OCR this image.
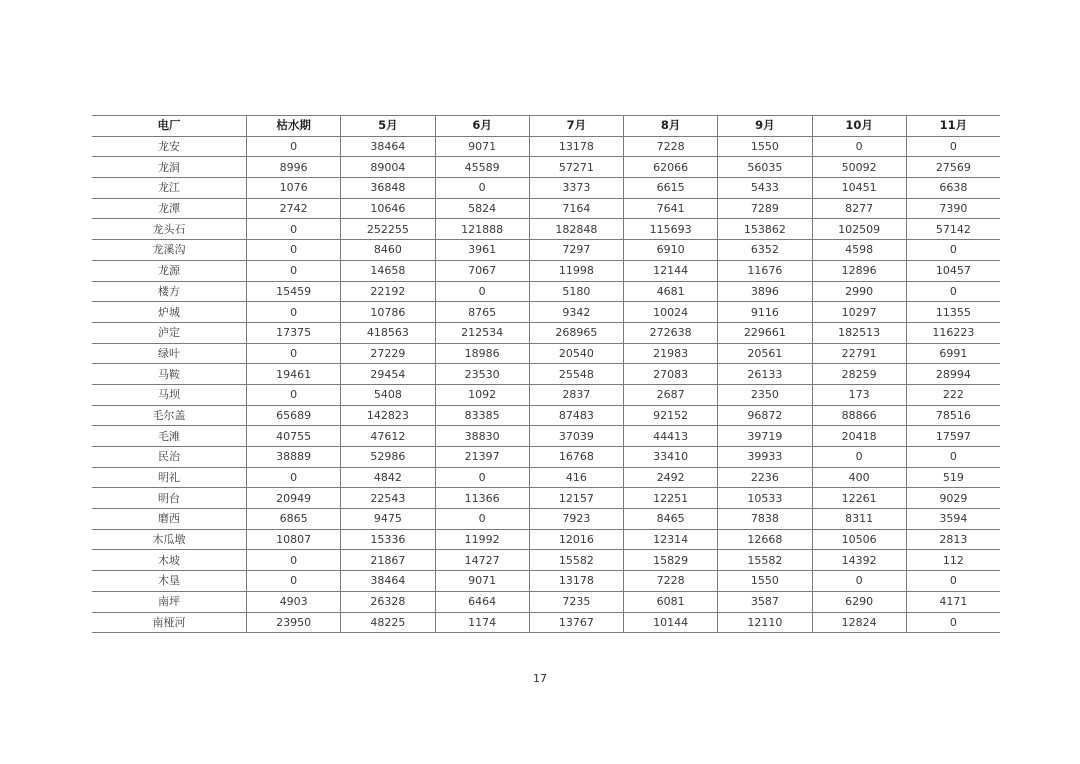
电厂	枯水期	5月	6月	7月	8月	9月	10月	11月
龙安	0	38464	9071	13178	7228	1550	0	0
龙洞	8996	89004	45589	57271	62066	56035	50092	27569
龙江	1076	36848	0	3373	6615	5433	10451	6638
龙潭	2742	10646	5824	7164	7641	7289	8277	7390
龙头石	0	252255	121888	182848	115693	153862	102509	57142
龙溪沟	0	8460	3961	7297	6910	6352	4598	0
龙源	0	14658	7067	11998	12144	11676	12896	10457
楼方	15459	22192	0	5180	4681	3896	2990	0
炉城	0	10786	8765	9342	10024	9116	10297	11355
泸定	17375	418563	212534	268965	272638	229661	182513	116223
绿叶	0	27229	18986	20540	21983	20561	22791	6991
马鞍	19461	29454	23530	25548	27083	26133	28259	28994
马坝	0	5408	1092	2837	2687	2350	173	222
毛尔盖	65689	142823	83385	87483	92152	96872	88866	78516
毛滩	40755	47612	38830	37039	44413	39719	20418	17597
民治	38889	52986	21397	16768	33410	39933	0	0
明礼	0	4842	0	416	2492	2236	400	519
明台	20949	22543	11366	12157	12251	10533	12261	9029
磨西	6865	9475	0	7923	8465	7838	8311	3594
木瓜墩	10807	15336	11992	12016	12314	12668	10506	2813
木坡	0	21867	14727	15582	15829	15582	14392	112
木垦	0	38464	9071	13178	7228	1550	0	0
南坪	4903	26328	6464	7235	6081	3587	6290	4171
南桠河	23950	48225	1174	13767	10144	12110	12824	0
17
